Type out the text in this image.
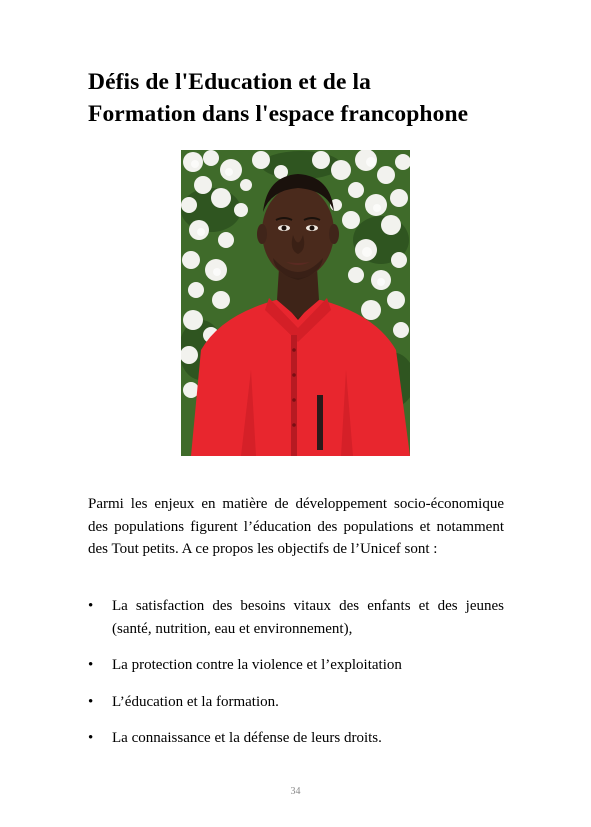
Défis de l'Education et de la
Formation dans l'espace francophone

Parmi les enjeux en matière de développement socio-économique des populations figurent l’éducation des populations et notamment des Tout petits. A ce propos les objectifs de l’Unicef sont :

• La satisfaction des besoins vitaux des enfants et des jeunes (santé, nutrition, eau et environnement),
• La protection contre la violence et l’exploitation
• L’éducation et la formation.
• La connaissance et la défense de leurs droits.
34
